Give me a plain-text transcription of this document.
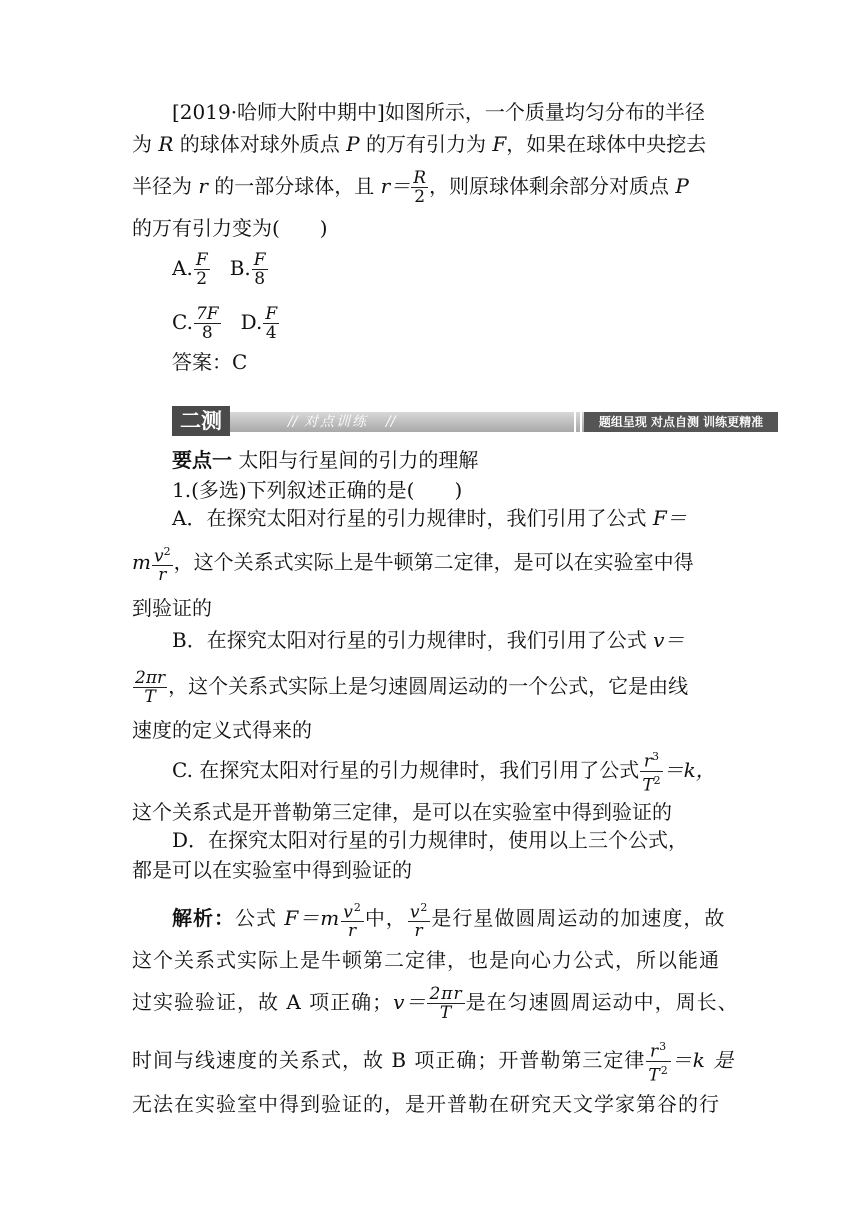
[2019·哈师大附中期中]如图所示，一个质量均匀分布的半径
为 R 的球体对球外质点 P 的万有引力为 F，如果在球体中央挖去
半径为 r 的一部分球体，且 $r= \frac{R}{2}$ ，则原球体剩余部分对质点 P
的万有引力变为(　　)
A. $\frac{F}{2} B$. $\frac{F}{8}$
C. $\frac{7F}{8} D$. $\frac{F}{4}$
答案：C
二测	// 对点训练 //	题组呈现 对点自测 训练更精准
要点一 太阳与行星间的引力的理解
1.(多选)下列叙述正确的是(　　)
A．在探究太阳对行星的引力规律时，我们引用了公式 F＝
m $\frac{v^2}{r}$ ，这个关系式实际上是牛顿第二定律，是可以在实验室中得
到验证的
B．在探究太阳对行星的引力规律时，我们引用了公式 v＝
$\frac{2\pi r}{T}$ ，这个关系式实际上是匀速圆周运动的一个公式，它是由线
速度的定义式得来的
C. 在探究太阳对行星的引力规律时，我们引用了公式 $\frac{r^3}{T^2} =k$，
这个关系式是开普勒第三定律，是可以在实验室中得到验证的
D．在探究太阳对行星的引力规律时，使用以上三个公式，
都是可以在实验室中得到验证的
解析：公式 $F=m \frac{v^2}{r}$ 中， $\frac{v^2}{r}$ 是行星做圆周运动的加速度，故
这个关系式实际上是牛顿第二定律，也是向心力公式，所以能通
过实验验证，故 A 项正确；$v= \frac{2\pi r}{T}$ 是在匀速圆周运动中，周长、
时间与线速度的关系式，故 B 项正确；开普勒第三定律 $\frac{r^3}{T^2} =k$ 是
无法在实验室中得到验证的，是开普勒在研究天文学家第谷的行
